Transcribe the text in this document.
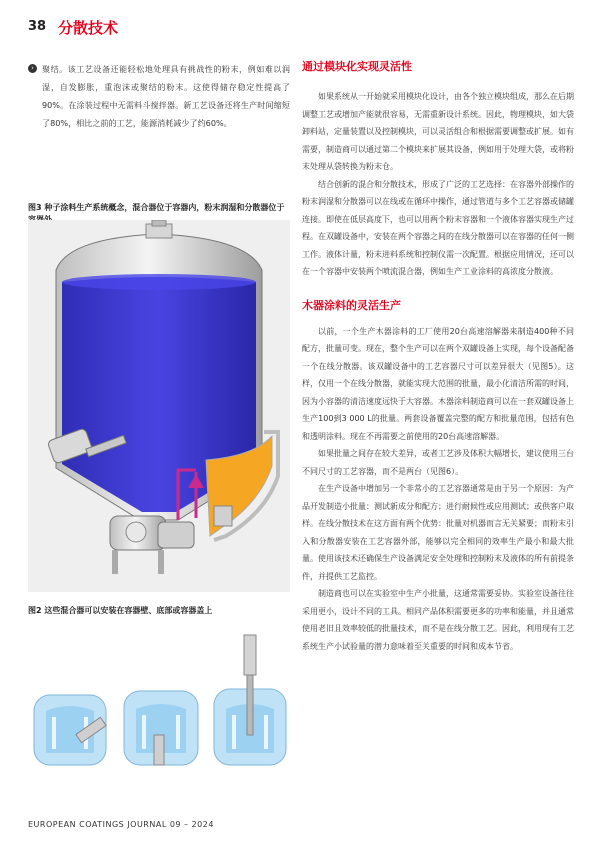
38 分散技术

› 聚结。该工艺设备还能轻松地处理具有挑战性的粉末，例如难以润湿，自发膨胀，重泡沫或聚结的粉末。这使得储存稳定性提高了90%。在涂装过程中无需料斗搅拌器。新工艺设备还将生产时间缩短了80%，相比之前的工艺，能源消耗减少了约60%。

图3 种子涂料生产系统概念，混合器位于容器内，粉末润湿和分散器位于

图2 这些混合器可以安装在容器壁、底部或容器盖上

通过模块化实现灵活性

如果系统从一开始就采用模块化设计，由各个独立模块组成，那么在后期调整工艺或增加产能就很容易，无需重新设计系统。因此，物理模块，如大袋卸料站，定量装置以及控制模块，可以灵活组合和根据需要调整或扩展。如有需要，制造商可以通过第二个模块来扩展其设备，例如用于处理大袋，或将粉末处理从袋转换为粉末仓。

结合创新的混合和分散技术，形成了广泛的工艺选择：在容器外部操作的粉末润湿和分散器可以在线或在循环中操作，通过管道与多个工艺容器或储罐连接。即使在低层高度下，也可以用两个粉末容器和一个液体容器实现生产过程。在双罐设备中，安装在两个容器之间的在线分散器可以在容器的任何一侧工作。液体计量，粉末进料系统和控制仪需一次配置。根据应用情况，还可以在一个容器中安装两个喷流混合器，例如生产工业涂料的高浓度分散液。

木器涂料的灵活生产

以前，一个生产木器涂料的工厂使用20台高速溶解器来制造400种不同配方，批量可变。现在，整个生产可以在两个双罐设备上实现，每个设备配备一个在线分散器。该双罐设备中的工艺容器尺寸可以差异很大（见图5）。这样，仅用一个在线分散器，就能实现大范围的批量，最小化清洁所需的时间，因为小容器的清洁速度远快于大容器。木器涂料制造商可以在一套双罐设备上生产100到3 000 L的批量。两套设备覆盖完整的配方和批量范围，包括有色和透明涂料。现在不再需要之前使用的20台高速溶解器。

如果批量之间存在较大差异，或者工艺涉及体积大幅增长，建议使用三台不同尺寸的工艺容器，而不是两台（见图6）。

在生产设备中增加另一个非常小的工艺容器通常是由于另一个原因：为产品开发制造小批量：测试新成分和配方；进行耐候性或应用测试；或供客户取样。在线分散技术在这方面有两个优势：批量对机器而言无关紧要；而粉末引入和分散器安装在工艺容器外部，能够以完全相同的效率生产最小和最大批量。使用该技术还确保生产设备满足安全处理和控制粉末及液体的所有前提条件，并提供工艺监控。

制造商也可以在实验室中生产小批量，这通常需要妥协。实验室设备往往采用更小，设计不同的工具。相同产品体积需要更多的功率和能量，并且通常使用老旧且效率较低的批量技术，而不是在线分散工艺。因此，利用现有工艺系统生产小试验量的潜力意味着至关重要的时间和成本节省。

EUROPEAN COATINGS JOURNAL 09 – 2024
